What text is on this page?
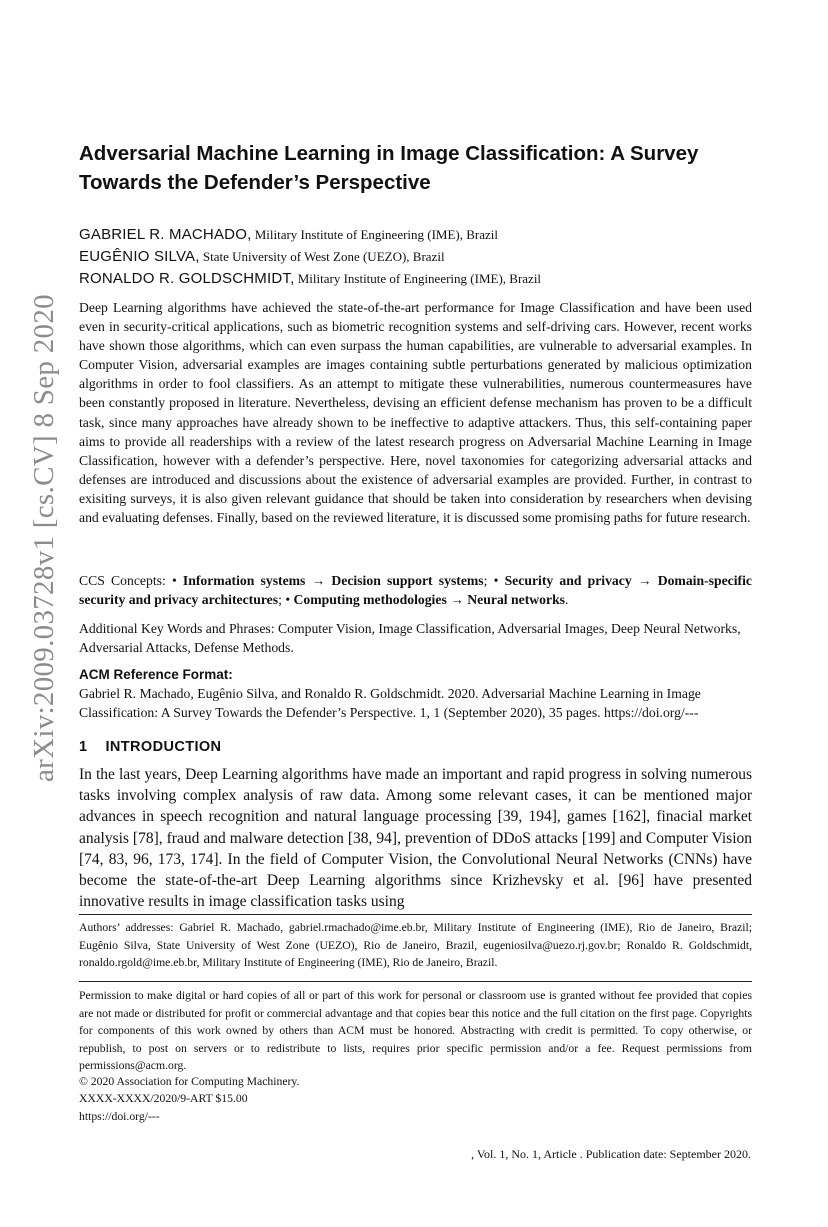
arXiv:2009.03728v1 [cs.CV] 8 Sep 2020
Adversarial Machine Learning in Image Classification: A Survey Towards the Defender’s Perspective
GABRIEL R. MACHADO, Military Institute of Engineering (IME), Brazil
EUGÊNIO SILVA, State University of West Zone (UEZO), Brazil
RONALDO R. GOLDSCHMIDT, Military Institute of Engineering (IME), Brazil

Deep Learning algorithms have achieved the state-of-the-art performance for Image Classification and have been used even in security-critical applications, such as biometric recognition systems and self-driving cars. However, recent works have shown those algorithms, which can even surpass the human capabilities, are vulnerable to adversarial examples. In Computer Vision, adversarial examples are images containing subtle perturbations generated by malicious optimization algorithms in order to fool classifiers. As an attempt to mitigate these vulnerabilities, numerous countermeasures have been constantly proposed in literature. Nevertheless, devising an efficient defense mechanism has proven to be a difficult task, since many approaches have already shown to be ineffective to adaptive attackers. Thus, this self-containing paper aims to provide all readerships with a review of the latest research progress on Adversarial Machine Learning in Image Classification, however with a defender’s perspective. Here, novel taxonomies for categorizing adversarial attacks and defenses are introduced and discussions about the existence of adversarial examples are provided. Further, in contrast to exisiting surveys, it is also given relevant guidance that should be taken into consideration by researchers when devising and evaluating defenses. Finally, based on the reviewed literature, it is discussed some promising paths for future research.

CCS Concepts: • Information systems → Decision support systems; • Security and privacy → Domain-specific security and privacy architectures; • Computing methodologies → Neural networks.

Additional Key Words and Phrases: Computer Vision, Image Classification, Adversarial Images, Deep Neural Networks, Adversarial Attacks, Defense Methods.

ACM Reference Format:
Gabriel R. Machado, Eugênio Silva, and Ronaldo R. Goldschmidt. 2020. Adversarial Machine Learning in Image Classification: A Survey Towards the Defender’s Perspective. 1, 1 (September 2020), 35 pages. https://doi.org/---
1 INTRODUCTION

In the last years, Deep Learning algorithms have made an important and rapid progress in solving numerous tasks involving complex analysis of raw data. Among some relevant cases, it can be mentioned major advances in speech recognition and natural language processing [39, 194], games [162], finacial market analysis [78], fraud and malware detection [38, 94], prevention of DDoS attacks [199] and Computer Vision [74, 83, 96, 173, 174]. In the field of Computer Vision, the Convolutional Neural Networks (CNNs) have become the state-of-the-art Deep Learning algorithms since Krizhevsky et al. [96] have presented innovative results in image classification tasks using

Authors’ addresses: Gabriel R. Machado, gabriel.rmachado@ime.eb.br, Military Institute of Engineering (IME), Rio de Janeiro, Brazil; Eugênio Silva, State University of West Zone (UEZO), Rio de Janeiro, Brazil, eugeniosilva@uezo.rj.gov.br; Ronaldo R. Goldschmidt, ronaldo.rgold@ime.eb.br, Military Institute of Engineering (IME), Rio de Janeiro, Brazil.

Permission to make digital or hard copies of all or part of this work for personal or classroom use is granted without fee provided that copies are not made or distributed for profit or commercial advantage and that copies bear this notice and the full citation on the first page. Copyrights for components of this work owned by others than ACM must be honored. Abstracting with credit is permitted. To copy otherwise, or republish, to post on servers or to redistribute to lists, requires prior specific permission and/or a fee. Request permissions from permissions@acm.org.

© 2020 Association for Computing Machinery.
XXXX-XXXX/2020/9-ART $15.00
https://doi.org/---
, Vol. 1, No. 1, Article . Publication date: September 2020.
